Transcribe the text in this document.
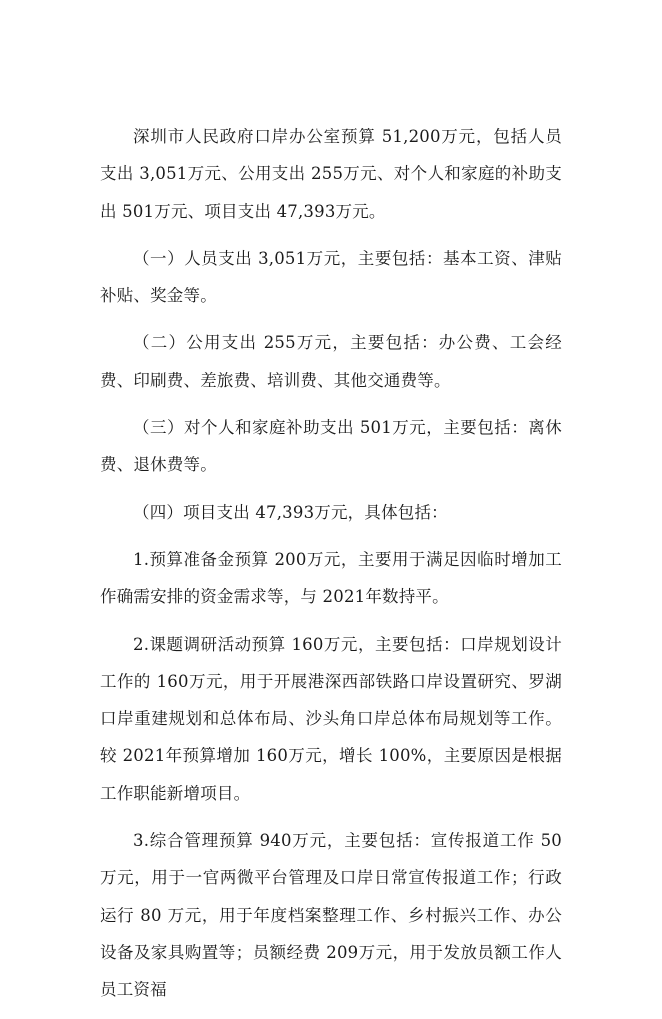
深圳市人民政府口岸办公室预算 51,200万元，包括人员支出 3,051万元、公用支出 255万元、对个人和家庭的补助支出 501万元、项目支出 47,393万元。

（一）人员支出 3,051万元，主要包括：基本工资、津贴补贴、奖金等。

（二）公用支出 255万元，主要包括：办公费、工会经费、印刷费、差旅费、培训费、其他交通费等。

（三）对个人和家庭补助支出 501万元，主要包括：离休费、退休费等。

（四）项目支出 47,393万元，具体包括：

1.预算准备金预算 200万元，主要用于满足因临时增加工作确需安排的资金需求等，与 2021年数持平。

2.课题调研活动预算 160万元，主要包括：口岸规划设计工作的 160万元，用于开展港深西部铁路口岸设置研究、罗湖口岸重建规划和总体布局、沙头角口岸总体布局规划等工作。较 2021年预算增加 160万元，增长 100%，主要原因是根据工作职能新增项目。

3.综合管理预算 940万元，主要包括：宣传报道工作 50万元，用于一官两微平台管理及口岸日常宣传报道工作；行政运行 80 万元，用于年度档案整理工作、乡村振兴工作、办公设备及家具购置等；员额经费 209万元，用于发放员额工作人员工资福
